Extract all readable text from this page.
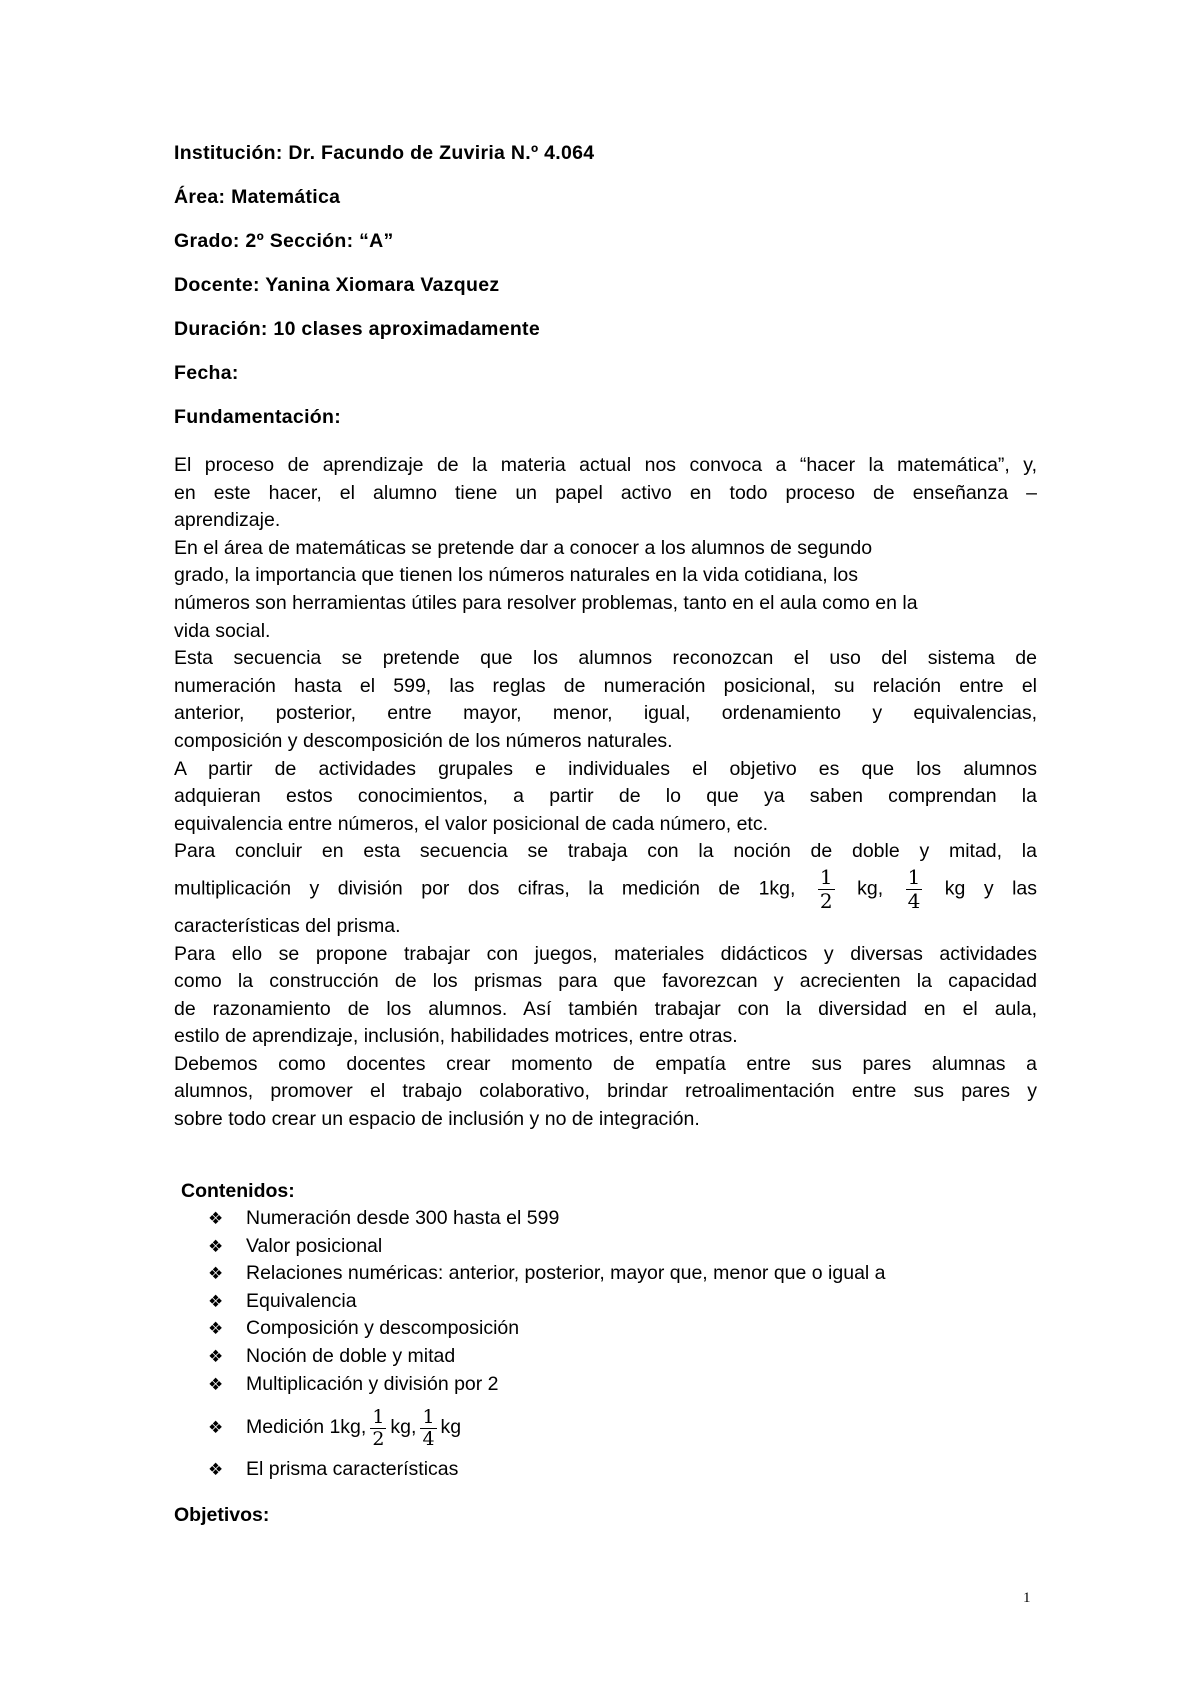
Institución: Dr. Facundo de Zuviria N.º 4.064
Área: Matemática
Grado: 2º Sección: “A”
Docente: Yanina Xiomara Vazquez
Duración: 10 clases aproximadamente
Fecha:
Fundamentación:

El proceso de aprendizaje de la materia actual nos convoca a “hacer la matemática”, y,

en este hacer, el alumno tiene un papel activo en todo proceso de enseñanza –

aprendizaje.

En el área de matemáticas se pretende dar a conocer a los alumnos de segundo

grado, la importancia que tienen los números naturales en la vida cotidiana, los

números son herramientas útiles para resolver problemas, tanto en el aula como en la

vida social.

Esta secuencia se pretende que los alumnos reconozcan el uso del sistema de

numeración hasta el 599, las reglas de numeración posicional, su relación entre el

anterior, posterior, entre mayor, menor, igual, ordenamiento y equivalencias,

composición y descomposición de los números naturales.

A partir de actividades grupales e individuales el objetivo es que los alumnos

adquieran estos conocimientos, a partir de lo que ya saben comprendan la

equivalencia entre números, el valor posicional de cada número, etc.

Para concluir en esta secuencia se trabaja con la noción de doble y mitad, la

multiplicación y división por dos cifras, la medición de 1kg, $\frac{1}{2}$ kg, $\frac{1}{4}$ kg y las

características del prisma.

Para ello se propone trabajar con juegos, materiales didácticos y diversas actividades

como la construcción de los prismas para que favorezcan y acrecienten la capacidad

de razonamiento de los alumnos. Así también trabajar con la diversidad en el aula,

estilo de aprendizaje, inclusión, habilidades motrices, entre otras.

Debemos como docentes crear momento de empatía entre sus pares alumnas a

alumnos, promover el trabajo colaborativo, brindar retroalimentación entre sus pares y

sobre todo crear un espacio de inclusión y no de integración.

Contenidos:
❖ Numeración desde 300 hasta el 599
❖ Valor posicional
❖ Relaciones numéricas: anterior, posterior, mayor que, menor que o igual a
❖ Equivalencia
❖ Composición y descomposición
❖ Noción de doble y mitad
❖ Multiplicación y división por 2
❖ Medición 1kg, $\frac{1}{2}$ kg, $\frac{1}{4}$ kg
❖ El prisma características
Objetivos:
1
